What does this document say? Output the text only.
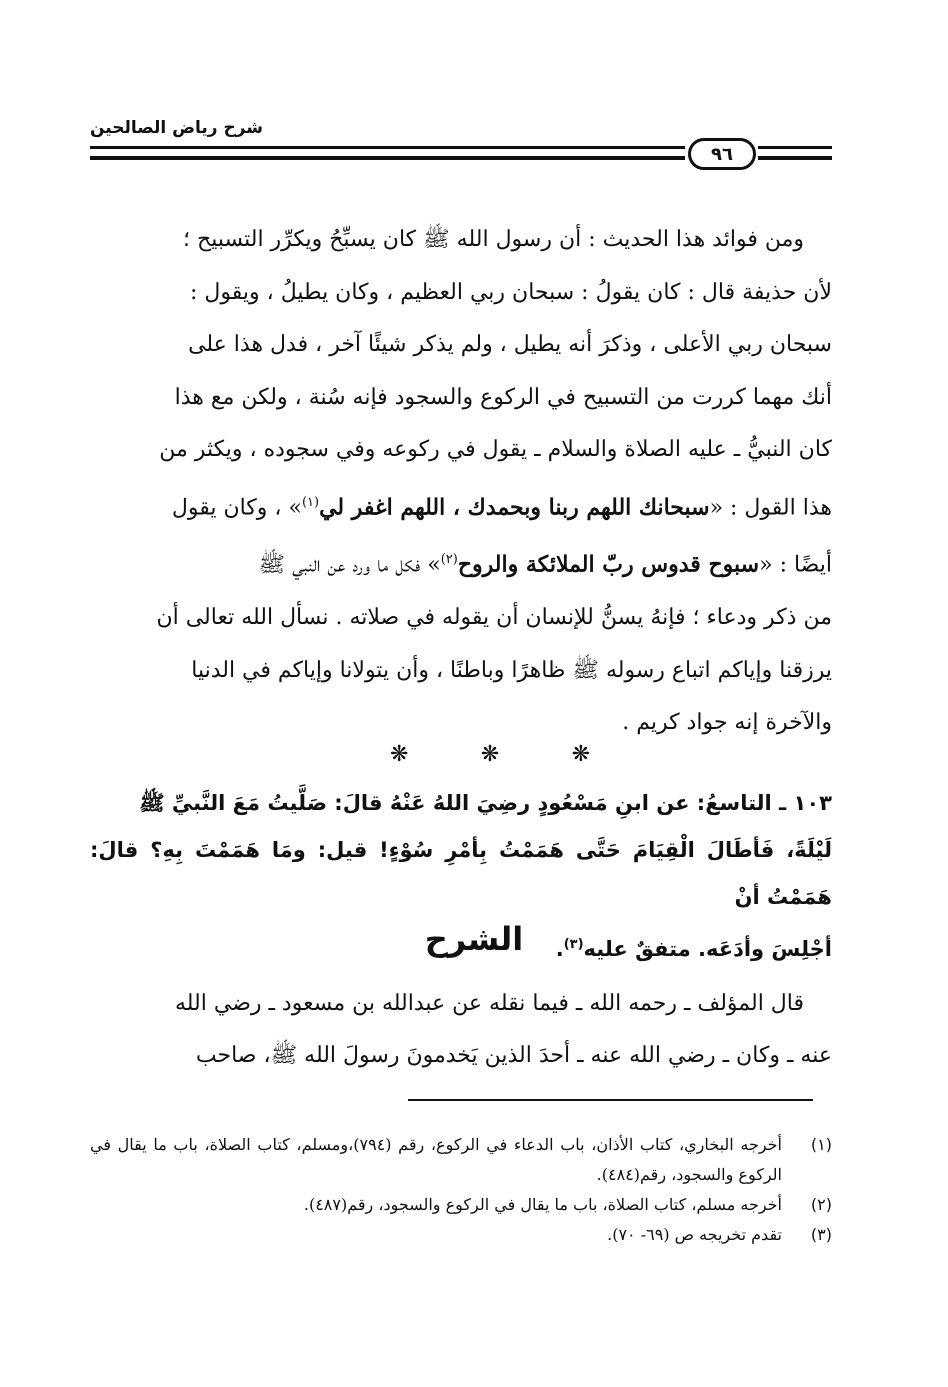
شرح رياض الصالحين
٩٦

ومن فوائد هذا الحديث : أن رسول الله ﷺ كان يسبِّحُ ويكرِّر التسبيح ؛

لأن حذيفة قال : كان يقولُ : سبحان ربي العظيم ، وكان يطيلُ ، ويقول :

سبحان ربي الأعلى ، وذكرَ أنه يطيل ، ولم يذكر شيئًا آخر ، فدل هذا على

أنك مهما كررت من التسبيح في الركوع والسجود فإنه سُنة ، ولكن مع هذا

كان النبيُّ ـ عليه الصلاة والسلام ـ يقول في ركوعه وفي سجوده ، ويكثر من

هذا القول : «سبحانك اللهم ربنا وبحمدك ، اللهم اغفر لي$^{(١)}$» ، وكان يقول

أيضًا : «سبوح قدوس ربّ الملائكة والروح$^{(٢)}$» فكل ما ورد عن النبي ﷺ

من ذكر ودعاء ؛ فإنهُ يسنُّ للإنسان أن يقوله في صلاته . نسأل الله تعالى أن

يرزقنا وإياكم اتباع رسوله ﷺ ظاهرًا وباطنًا ، وأن يتولانا وإياكم في الدنيا

والآخرة إنه جواد كريم .

❋	❋	❋

١٠٣ ـ التاسعُ: عن ابنِ مَسْعُودٍ رضِيَ اللهُ عَنْهُ قالَ: صَلَّيتُ مَعَ النَّبيِّ ﷺ

لَيْلَةً، فَأطَالَ الْقِيَامَ حَتَّى هَمَمْتُ بِأمْرِ سُوْءٍ! قيل: ومَا هَمَمْتَ بِهِ؟ قالَ: هَمَمْتُ أنْ

أجْلِسَ وأدَعَه. متفقٌ عليه$^{(٣)}$.

الشرح

قال المؤلف ـ رحمه الله ـ فيما نقله عن عبدالله بن مسعود ـ رضي الله

عنه ـ وكان ـ رضي الله عنه ـ أحدَ الذين يَخدمونَ رسولَ الله ﷺ، صاحب

(١)
أخرجه البخاري، كتاب الأذان، باب الدعاء في الركوع، رقم (٧٩٤)،ومسلم، كتاب الصلاة، باب ما يقال في الركوع والسجود، رقم(٤٨٤).
(٢)
أخرجه مسلم، كتاب الصلاة، باب ما يقال في الركوع والسجود، رقم(٤٨٧).
(٣)
تقدم تخريجه ص (٦٩- ٧٠).
